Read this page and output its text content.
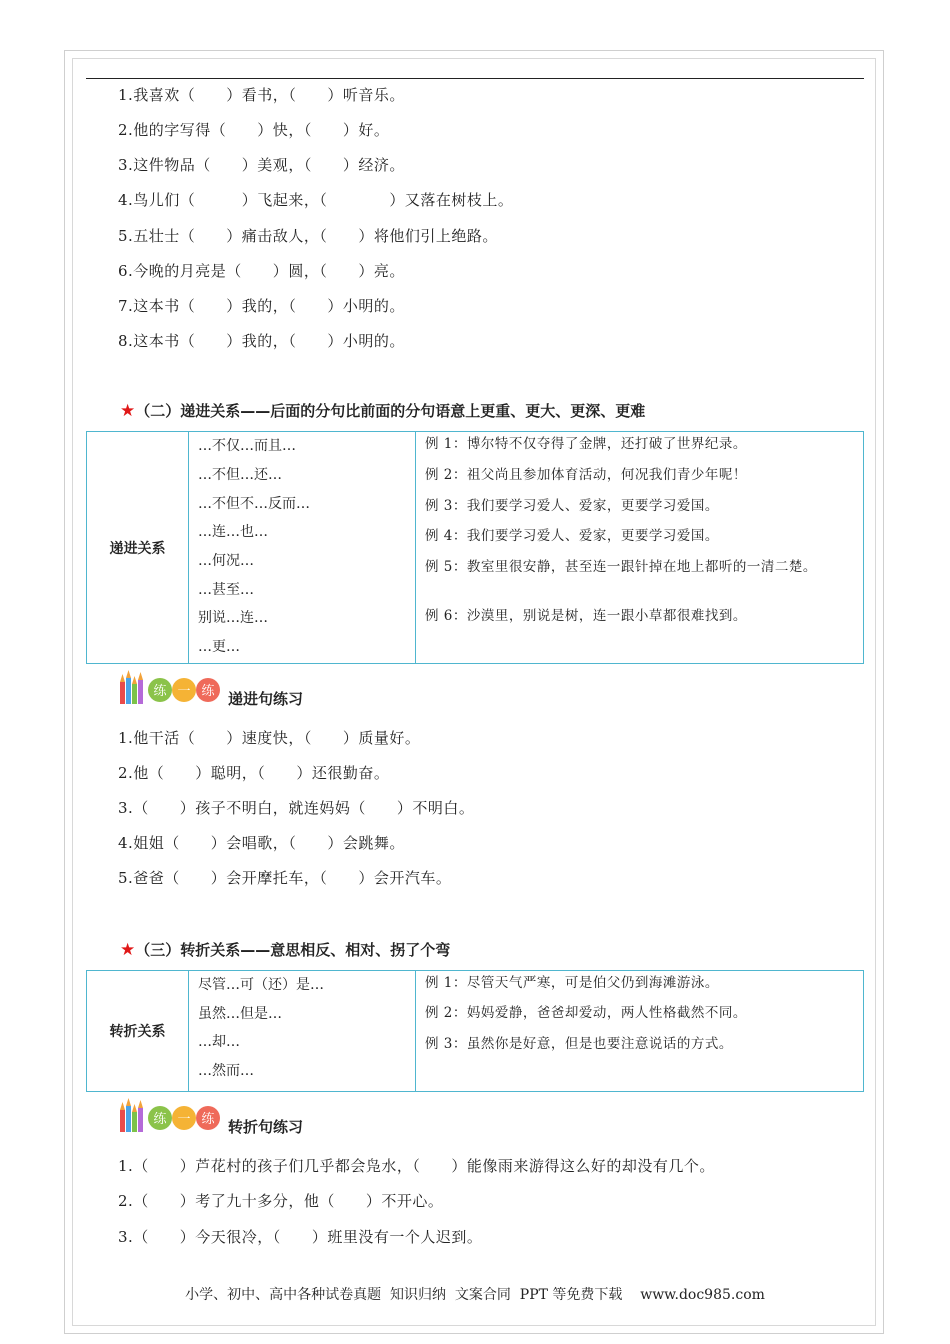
1.我喜欢（　　）看书，（　　）听音乐。
2.他的字写得（　　）快，（　　）好。
3.这件物品（　　）美观，（　　）经济。
4.鸟儿们（　　　）飞起来，（　　　　）又落在树枝上。
5.五壮士（　　）痛击敌人，（　　）将他们引上绝路。
6.今晚的月亮是（　　）圆，（　　）亮。
7.这本书（　　）我的，（　　）小明的。
8.这本书（　　）我的，（　　）小明的。
★（二）递进关系——后面的分句比前面的分句语意上更重、更大、更深、更难
递进关系
…不仅…而且…
…不但…还…
…不但不…反而…
…连…也…
…何况…
…甚至…
别说…连…
…更…
例 1：博尔特不仅夺得了金牌，还打破了世界纪录。
例 2：祖父尚且参加体育活动，何况我们青少年呢！
例 3：我们要学习爱人、爱家，更要学习爱国。
例 4：我们要学习爱人、爱家，更要学习爱国。
例 5：教室里很安静，甚至连一跟针掉在地上都听的一清二楚。
例 6：沙漠里，别说是树，连一跟小草都很难找到。
练 一 练 递进句练习
1.他干活（　　）速度快，（　　）质量好。
2.他（　　）聪明，（　　）还很勤奋。
3.（　　）孩子不明白，就连妈妈（　　）不明白。
4.姐姐（　　）会唱歌，（　　）会跳舞。
5.爸爸（　　）会开摩托车，（　　）会开汽车。
★（三）转折关系——意思相反、相对、拐了个弯
转折关系
尽管…可（还）是…
虽然…但是…
…却…
…然而…
例 1：尽管天气严寒，可是伯父仍到海滩游泳。
例 2：妈妈爱静，爸爸却爱动，两人性格截然不同。
例 3：虽然你是好意，但是也要注意说话的方式。
练 一 练 转折句练习
1.（　　）芦花村的孩子们几乎都会凫水，（　　）能像雨来游得这么好的却没有几个。
2.（　　）考了九十多分，他（　　）不开心。
3.（　　）今天很冷，（　　）班里没有一个人迟到。
小学、初中、高中各种试卷真题  知识归纳  文案合同  PPT 等免费下载    www.doc985.com
